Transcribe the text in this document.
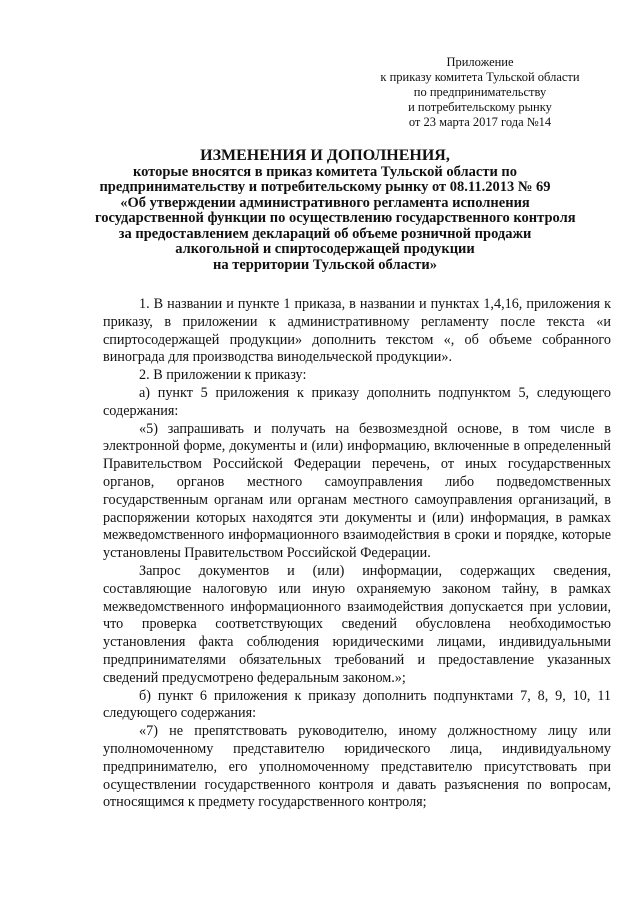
Приложение
к приказу комитета Тульской области
по предпринимательству
и потребительскому рынку
от 23 марта 2017 года №14
ИЗМЕНЕНИЯ И ДОПОЛНЕНИЯ,
которые вносятся в приказ комитета Тульской области по
предпринимательству и потребительскому рынку от 08.11.2013 № 69
«Об утверждении административного регламента исполнения
государственной функции по осуществлению государственного контроля
за предоставлением деклараций об объеме розничной продажи
алкогольной и спиртосодержащей продукции
на территории Тульской области»

1. В названии и пункте 1 приказа, в названии и пунктах 1,4,16, приложения к приказу, в приложении к административному регламенту после текста «и спиртосодержащей продукции» дополнить текстом «, об объеме собранного винограда для производства винодельческой продукции».

2. В приложении к приказу:

а) пункт 5 приложения к приказу дополнить подпунктом 5, следующего содержания:

«5) запрашивать и получать на безвозмездной основе, в том числе в электронной форме, документы и (или) информацию, включенные в определенный Правительством Российской Федерации перечень, от иных государственных органов, органов местного самоуправления либо подведомственных государственным органам или органам местного самоуправления организаций, в распоряжении которых находятся эти документы и (или) информация, в рамках межведомственного информационного взаимодействия в сроки и порядке, которые установлены Правительством Российской Федерации.

Запрос документов и (или) информации, содержащих сведения, составляющие налоговую или иную охраняемую законом тайну, в рамках межведомственного информационного взаимодействия допускается при условии, что проверка соответствующих сведений обусловлена необходимостью установления факта соблюдения юридическими лицами, индивидуальными предпринимателями обязательных требований и предоставление указанных сведений предусмотрено федеральным законом.»;

б) пункт 6 приложения к приказу дополнить подпунктами 7, 8, 9, 10, 11 следующего содержания:

«7) не препятствовать руководителю, иному должностному лицу или уполномоченному представителю юридического лица, индивидуальному предпринимателю, его уполномоченному представителю присутствовать при осуществлении государственного контроля и давать разъяснения по вопросам, относящимся к предмету государственного контроля;
